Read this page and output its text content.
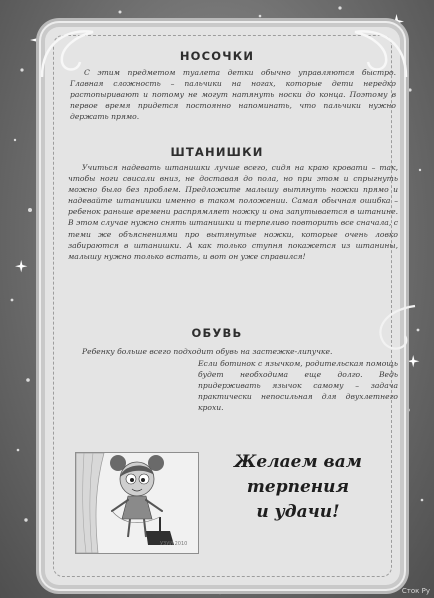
НОСОЧКИ

С этим предметом туалета детки обычно управляются быстро. Главная сложность – пальчики на ногах, которые дети нередко растопыривают и потому не могут натянуть носки до конца. Поэтому в первое время придется постоянно напоминать, что пальчики нужно держать прямо.

ШТАНИШКИ

Учиться надевать штанишки лучше всего, сидя на краю кровати – так, чтобы ноги свисали вниз, не доставая до пола, но при этом и спрыгнуть можно было без проблем. Предложите малышу вытянуть ножки прямо и надевайте штанишки именно в таком положении. Самая обычная ошибка – ребенок раньше времени распрямляет ножку и она запутывается в штанине. В этом случае нужно снять штанишки и терпеливо повторить все сначала, с теми же объяснениями про вытянутые ножки, которые очень ловко забираются в штанишки. А как только ступня покажется из штанины, малышу нужно только встать, и вот он уже справился!

ОБУВЬ

Ребенку больше всего подходит обувь на застежке-липучке.

Если ботинок с язычком, родительская помощь будет необходима еще долго. Ведь придерживать язычок самому – задача практически непосильная для двухлетнего крохи.

УЗУИ 2010
Желаем вам терпения
и удачи!
Сток Ру
